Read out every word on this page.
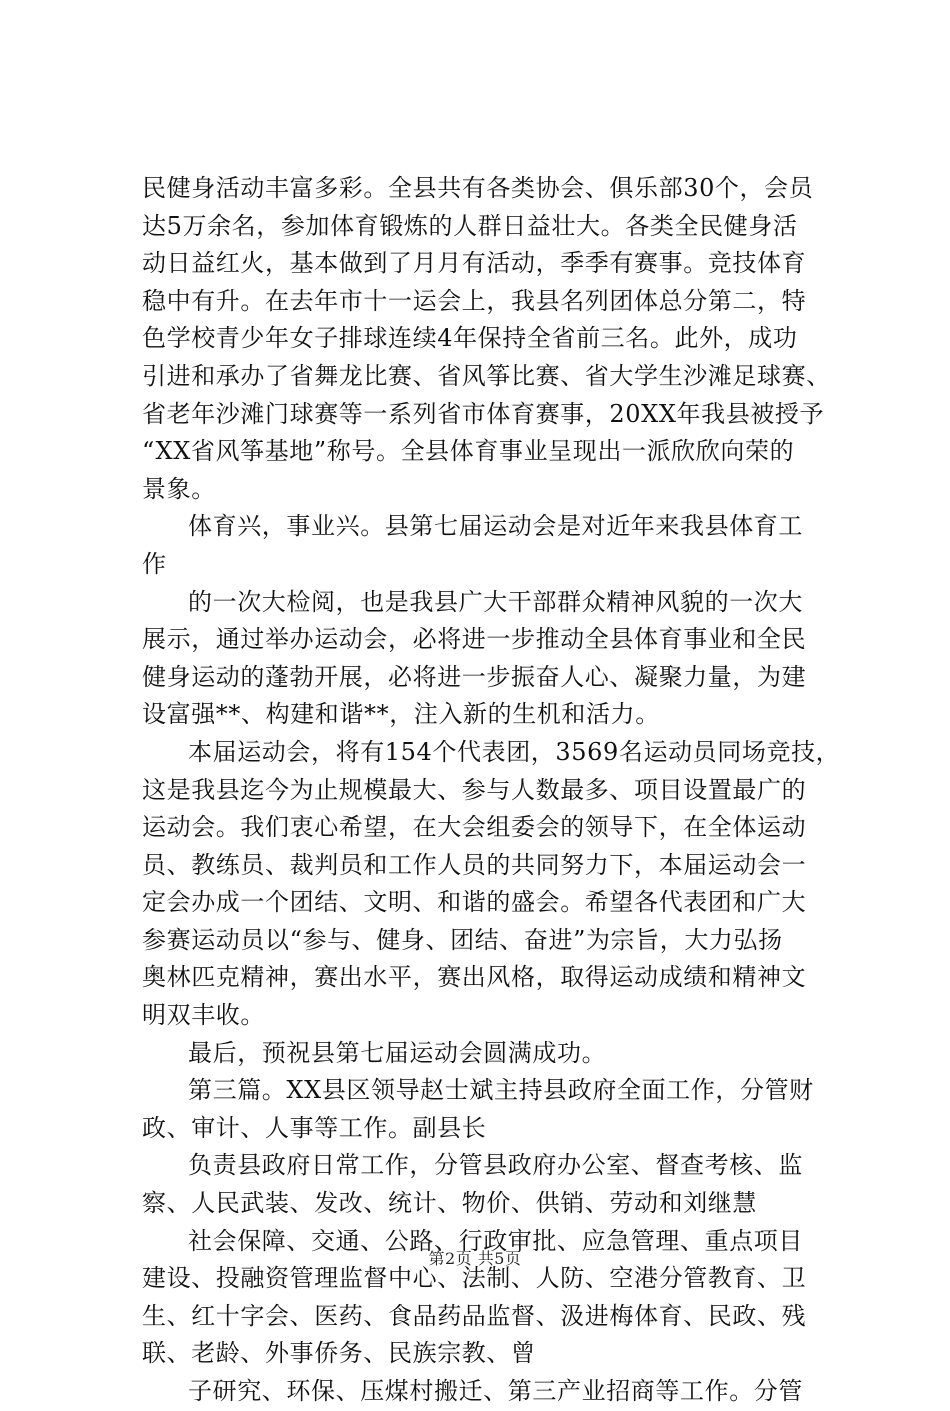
民健身活动丰富多彩。全县共有各类协会、俱乐部30个，会员
达5万余名，参加体育锻炼的人群日益壮大。各类全民健身活
动日益红火，基本做到了月月有活动，季季有赛事。竞技体育
稳中有升。在去年市十一运会上，我县名列团体总分第二，特
色学校青少年女子排球连续4年保持全省前三名。此外，成功
引进和承办了省舞龙比赛、省风筝比赛、省大学生沙滩足球赛、
省老年沙滩门球赛等一系列省市体育赛事，20XX年我县被授予
“XX省风筝基地”称号。全县体育事业呈现出一派欣欣向荣的
景象。
体育兴，事业兴。县第七届运动会是对近年来我县体育工
作
的一次大检阅，也是我县广大干部群众精神风貌的一次大
展示，通过举办运动会，必将进一步推动全县体育事业和全民
健身运动的蓬勃开展，必将进一步振奋人心、凝聚力量，为建
设富强**、构建和谐**，注入新的生机和活力。
本届运动会，将有154个代表团，3569名运动员同场竞技，
这是我县迄今为止规模最大、参与人数最多、项目设置最广的
运动会。我们衷心希望，在大会组委会的领导下，在全体运动
员、教练员、裁判员和工作人员的共同努力下，本届运动会一
定会办成一个团结、文明、和谐的盛会。希望各代表团和广大
参赛运动员以“参与、健身、团结、奋进”为宗旨，大力弘扬
奥林匹克精神，赛出水平，赛出风格，取得运动成绩和精神文
明双丰收。
最后，预祝县第七届运动会圆满成功。
第三篇。XX县区领导赵士斌主持县政府全面工作，分管财
政、审计、人事等工作。副县长
负责县政府日常工作，分管县政府办公室、督查考核、监
察、人民武装、发改、统计、物价、供销、劳动和刘继慧
社会保障、交通、公路、行政审批、应急管理、重点项目
建设、投融资管理监督中心、法制、人防、空港分管教育、卫
生、红十字会、医药、食品药品监督、汲进梅体育、民政、残
联、老龄、外事侨务、民族宗教、曾
子研究、环保、压煤村搬迁、第三产业招商等工作。分管
第2页 共5页
